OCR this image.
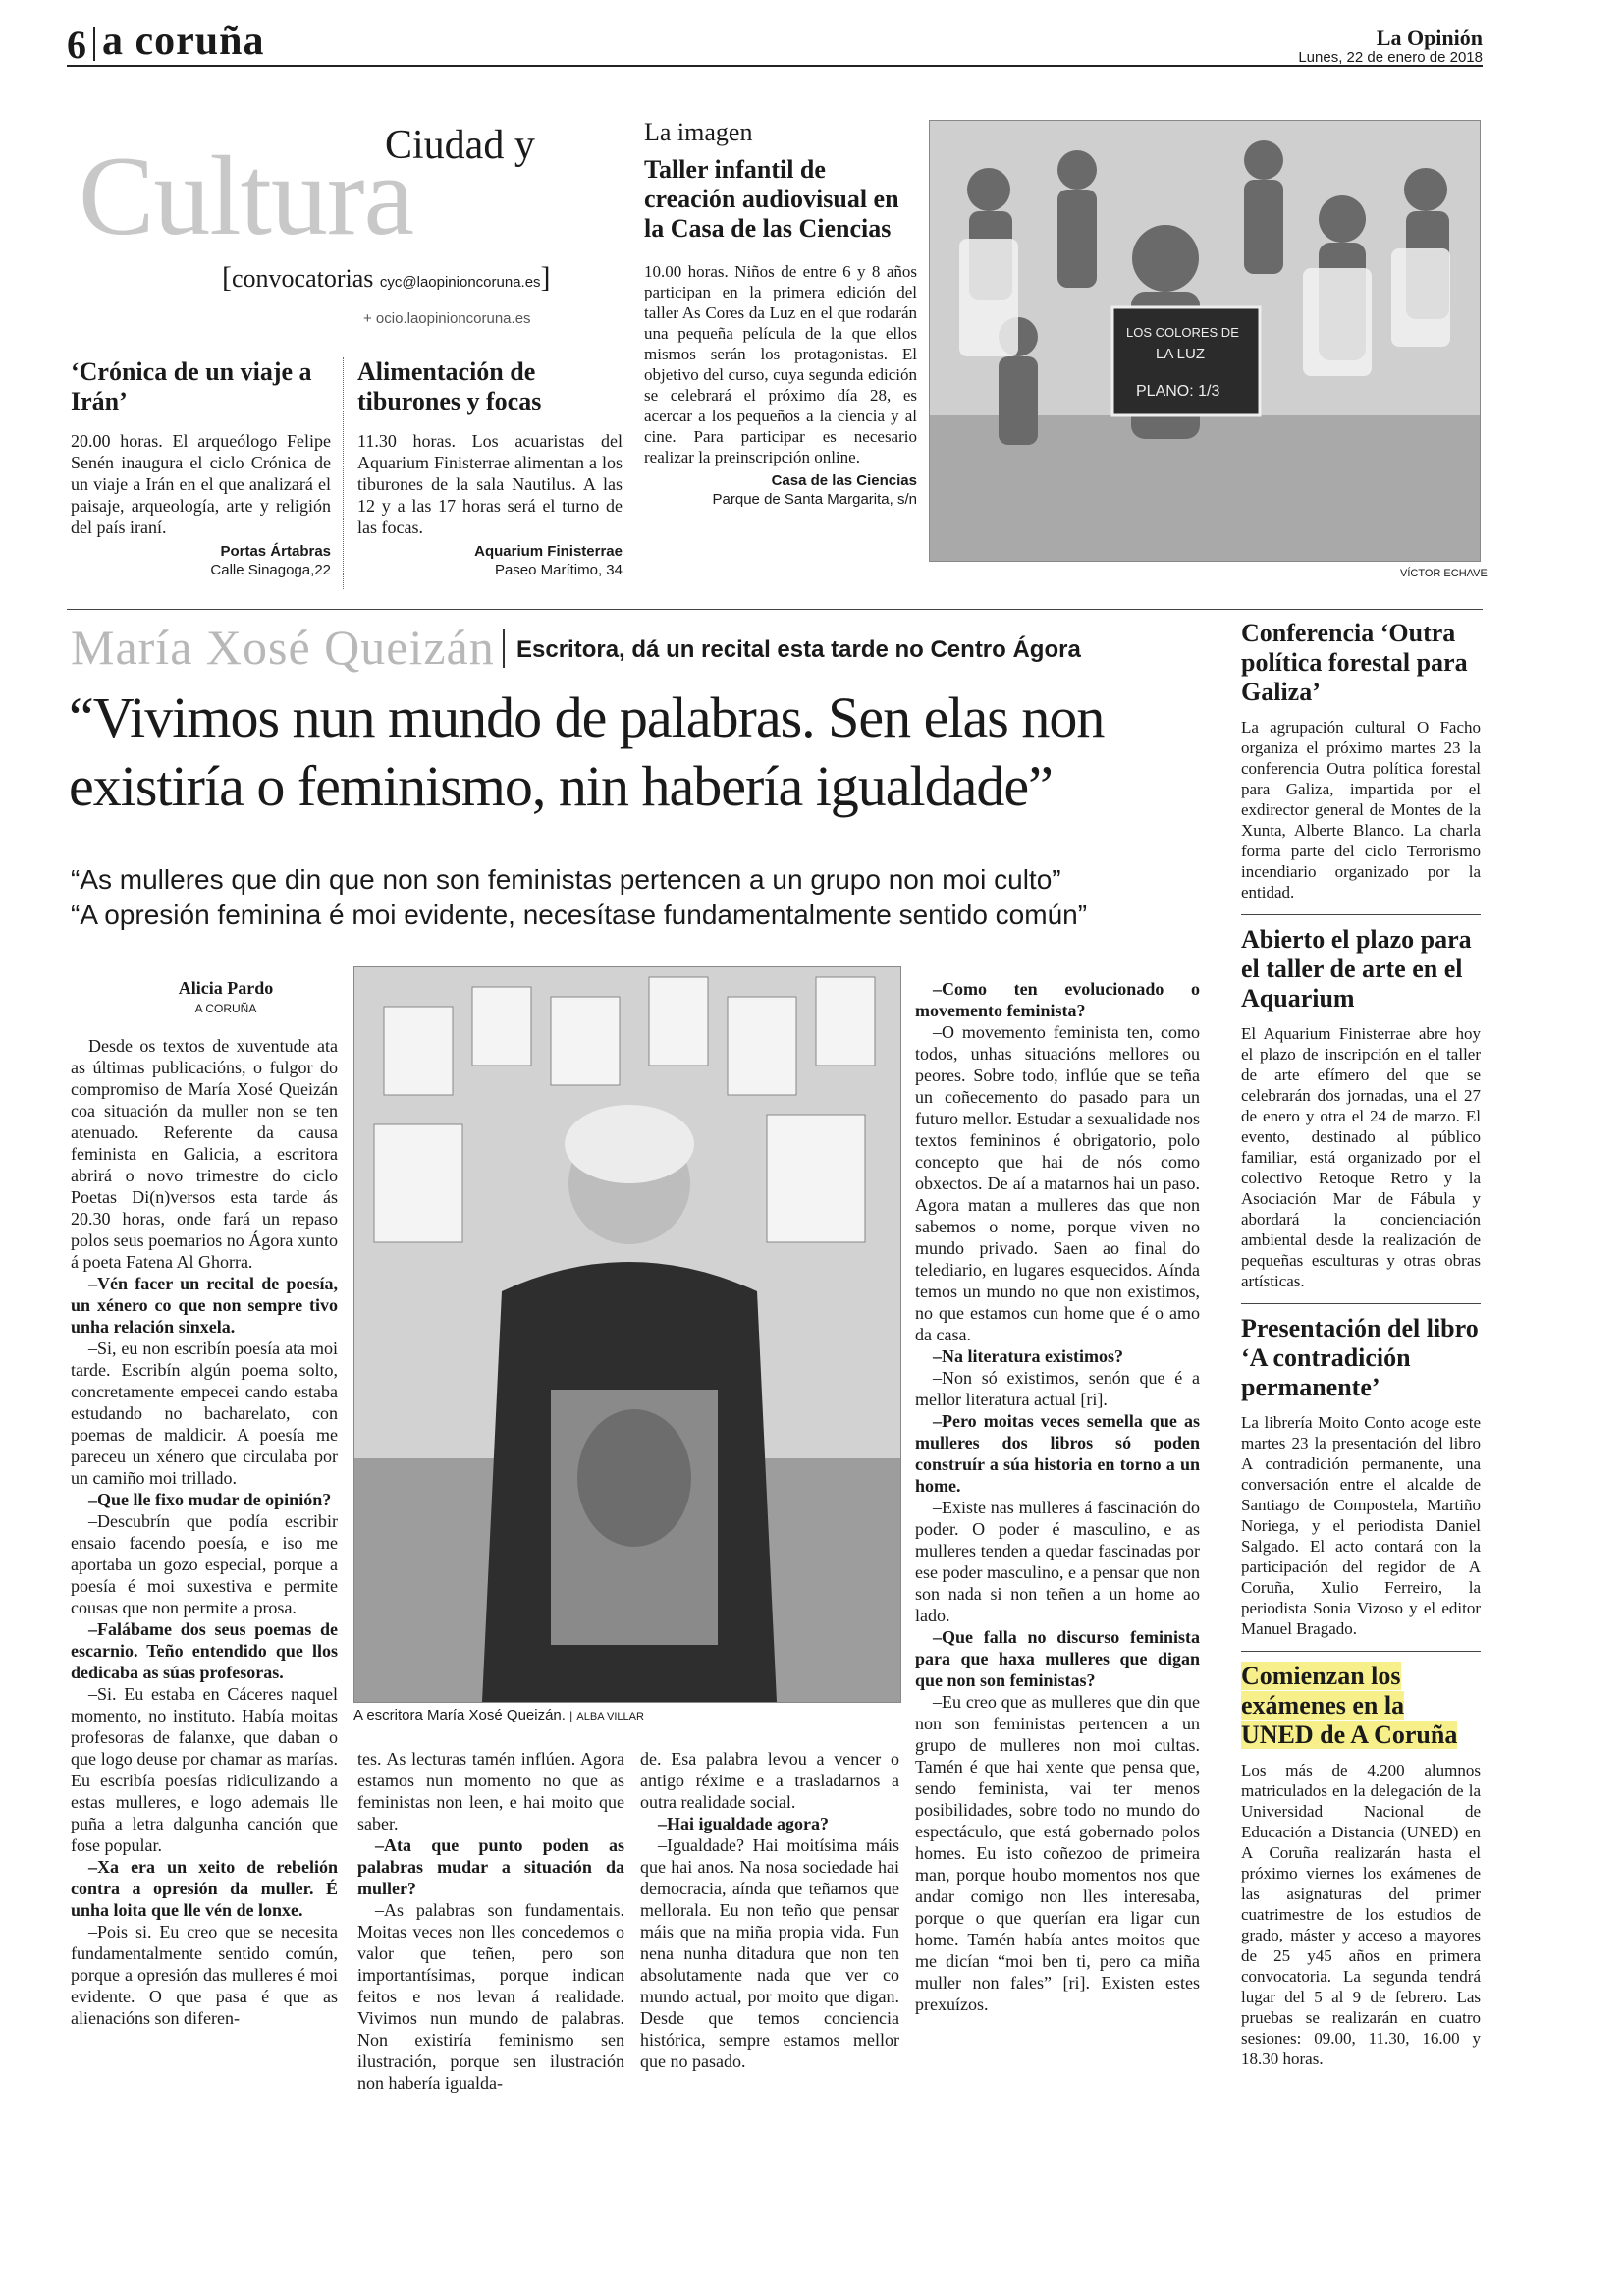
6 a coruña	La Opinión
Lunes, 22 de enero de 2018
Ciudad y
Cultura
[convocatorias cyc@laopinioncoruna.es]
+ ocio.laopinioncoruna.es
‘Crónica de un viaje a Irán’

20.00 horas. El arqueólogo Felipe Senén inaugura el ciclo Crónica de un viaje a Irán en el que analizará el paisaje, arqueología, arte y religión del país iraní.

Portas Ártabras
Calle Sinagoga,22
Alimentación de tiburones y focas

11.30 horas. Los acuaristas del Aquarium Finisterrae alimentan a los tiburones de la sala Nautilus. A las 12 y a las 17 horas será el turno de las focas.

Aquarium Finisterrae
Paseo Marítimo, 34
La imagen
Taller infantil de creación audiovisual en la Casa de las Ciencias

10.00 horas. Niños de entre 6 y 8 años participan en la primera edición del taller As Cores da Luz en el que rodarán una pequeña película de la que ellos mismos serán los protagonistas. El objetivo del curso, cuya segunda edición se celebrará el próximo día 28, es acercar a los pequeños a la ciencia y al cine. Para participar es necesario realizar la preinscripción online.

Casa de las Ciencias
Parque de Santa Margarita, s/n
LOS COLORES DE
LA LUZ
PLANO: 1/3
VÍCTOR ECHAVE
María Xosé Queizán Escritora, dá un recital esta tarde no Centro Ágora
“Vivimos nun mundo de palabras. Sen elas non existiría o feminismo, nin habería igualdade”
“As mulleres que din que non son feministas pertencen a un grupo non moi culto”
“A opresión feminina é moi evidente, necesítase fundamentalmente sentido común”
Alicia Pardo
A CORUÑA

Desde os textos de xuventude ata as últimas publicacións, o fulgor do compromiso de María Xosé Queizán coa situación da muller non se ten atenuado. Referente da causa feminista en Galicia, a escritora abrirá o novo trimestre do ciclo Poetas Di(n)versos esta tarde ás 20.30 horas, onde fará un repaso polos seus poemarios no Ágora xunto á poeta Fatena Al Ghorra.

–Vén facer un recital de poesía, un xénero co que non sempre tivo unha relación sinxela.

–Si, eu non escribín poesía ata moi tarde. Escribín algún poema solto, concretamente empecei cando estaba estudando no bacharelato, con poemas de maldicir. A poesía me pareceu un xénero que circulaba por un camiño moi trillado.

–Que lle fixo mudar de opinión?

–Descubrín que podía escribir ensaio facendo poesía, e iso me aportaba un gozo especial, porque a poesía é moi suxestiva e permite cousas que non permite a prosa.

–Falábame dos seus poemas de escarnio. Teño entendido que llos dedicaba as súas profesoras.

–Si. Eu estaba en Cáceres naquel momento, no instituto. Había moitas profesoras de falanxe, que daban o que logo deuse por chamar as marías. Eu escribía poesías ridiculizando a estas mulleres, e logo ademais lle puña a letra dalgunha canción que fose popular.

–Xa era un xeito de rebelión contra a opresión da muller. É unha loita que lle vén de lonxe.

–Pois si. Eu creo que se necesita fundamentalmente sentido común, porque a opresión das mulleres é moi evidente. O que pasa é que as alienacións son diferen-

A escritora María Xosé Queizán. | ALBA VILLAR

tes. As lecturas tamén inflúen. Agora estamos nun momento no que as feministas non leen, e hai moito que saber.

–Ata que punto poden as palabras mudar a situación da muller?

–As palabras son fundamentais. Moitas veces non lles concedemos o valor que teñen, pero son importantísimas, porque indican feitos e nos levan á realidade. Vivimos nun mundo de palabras. Non existiría feminismo sen ilustración, porque sen ilustración non habería igualda-

de. Esa palabra levou a vencer o antigo réxime e a trasladarnos a outra realidade social.

–Hai igualdade agora?

–Igualdade? Hai moitísima máis que hai anos. Na nosa sociedade hai democracia, aínda que teñamos que mellorala. Eu non teño que pensar máis que na miña propia vida. Fun nena nunha ditadura que non ten absolutamente nada que ver co mundo actual, por moito que digan. Desde que temos conciencia histórica, sempre estamos mellor que no pasado.

–Como ten evolucionado o movemento feminista?

–O movemento feminista ten, como todos, unhas situacións mellores ou peores. Sobre todo, inflúe que se teña un coñecemento do pasado para un futuro mellor. Estudar a sexualidade nos textos femininos é obrigatorio, polo concepto que hai de nós como obxectos. De aí a matarnos hai un paso. Agora matan a mulleres das que non sabemos o nome, porque viven no mundo privado. Saen ao final do telediario, en lugares esquecidos. Aínda temos un mundo no que non existimos, no que estamos cun home que é o amo da casa.

–Na literatura existimos?

–Non só existimos, senón que é a mellor literatura actual [ri].

–Pero moitas veces semella que as mulleres dos libros só poden construír a súa historia en torno a un home.

–Existe nas mulleres á fascinación do poder. O poder é masculino, e as mulleres tenden a quedar fascinadas por ese poder masculino, e a pensar que non son nada si non teñen a un home ao lado.

–Que falla no discurso feminista para que haxa mulleres que digan que non son feministas?

–Eu creo que as mulleres que din que non son feministas pertencen a un grupo de mulleres non moi cultas. Tamén é que hai xente que pensa que, sendo feminista, vai ter menos posibilidades, sobre todo no mundo do espectáculo, que está gobernado polos homes. Eu isto coñezoo de primeira man, porque houbo momentos nos que andar comigo non lles interesaba, porque o que querían era ligar cun home. Tamén había antes moitos que me dicían “moi ben ti, pero ca miña muller non fales” [ri]. Existen estes prexuízos.

Conferencia ‘Outra política forestal para Galiza’

La agrupación cultural O Facho organiza el próximo martes 23 la conferencia Outra política forestal para Galiza, impartida por el exdirector general de Montes de la Xunta, Alberte Blanco. La charla forma parte del ciclo Terrorismo incendiario organizado por la entidad.

Abierto el plazo para el taller de arte en el Aquarium

El Aquarium Finisterrae abre hoy el plazo de inscripción en el taller de arte efímero del que se celebrarán dos jornadas, una el 27 de enero y otra el 24 de marzo. El evento, destinado al público familiar, está organizado por el colectivo Retoque Retro y la Asociación Mar de Fábula y abordará la concienciación ambiental desde la realización de pequeñas esculturas y otras obras artísticas.

Presentación del libro ‘A contradición permanente’

La librería Moito Conto acoge este martes 23 la presentación del libro A contradición permanente, una conversación entre el alcalde de Santiago de Compostela, Martiño Noriega, y el periodista Daniel Salgado. El acto contará con la participación del regidor de A Coruña, Xulio Ferreiro, la periodista Sonia Vizoso y el editor Manuel Bragado.

Comienzan los exámenes en la UNED de A Coruña

Los más de 4.200 alumnos matriculados en la delegación de la Universidad Nacional de Educación a Distancia (UNED) en A Coruña realizarán hasta el próximo viernes los exámenes de las asignaturas del primer cuatrimestre de los estudios de grado, máster y acceso a mayores de 25 y45 años en primera convocatoria. La segunda tendrá lugar del 5 al 9 de febrero. Las pruebas se realizarán en cuatro sesiones: 09.00, 11.30, 16.00 y 18.30 horas.
